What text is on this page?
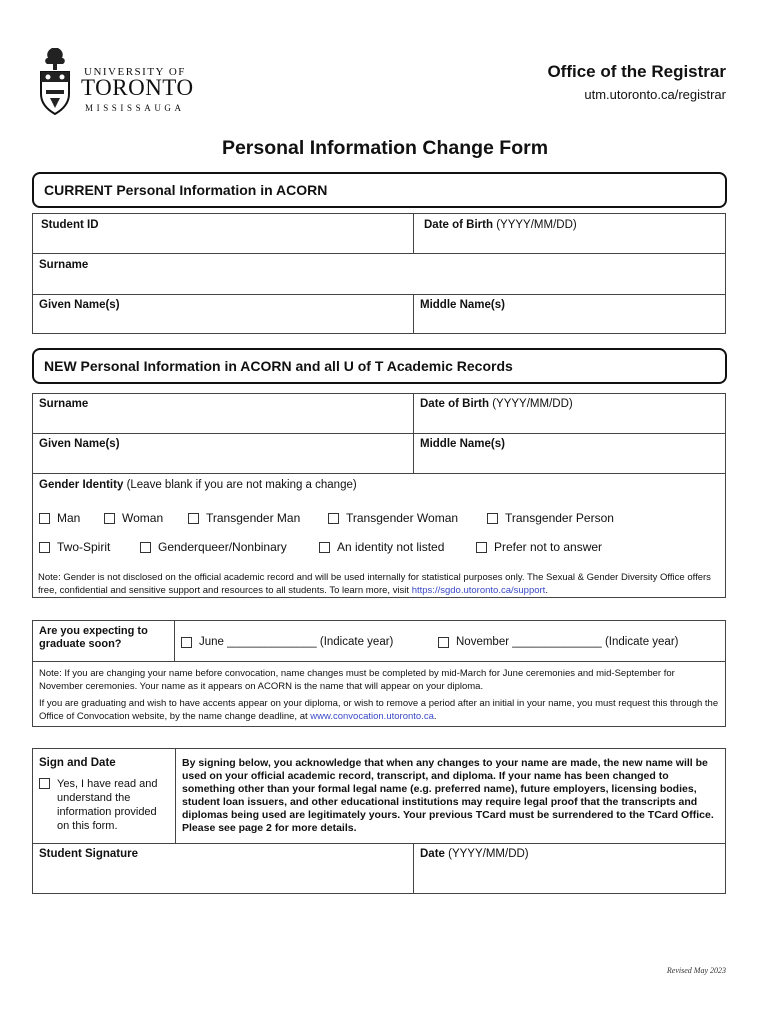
UNIVERSITY OF
TORONTO
MISSISSAUGA
Office of the Registrar
utm.utoronto.ca/registrar
Personal Information Change Form
CURRENT Personal Information in ACORN
Student ID	Date of Birth (YYYY/MM/DD)
Surname
Given Name(s)	Middle Name(s)
NEW Personal Information in ACORN and all U of T Academic Records
Surname	Date of Birth (YYYY/MM/DD)
Given Name(s)	Middle Name(s)
Gender Identity (Leave blank if you are not making a change)
Man	Woman	Transgender Man	Transgender Woman	Transgender Person
Two-Spirit	Genderqueer/Nonbinary	An identity not listed	Prefer not to answer
Note: Gender is not disclosed on the official academic record and will be used internally for statistical purposes only. The Sexual & Gender Diversity Office offers free, confidential and sensitive support and resources to all students. To learn more, visit https://sgdo.utoronto.ca/support.
Are you expecting to graduate soon?	June ______________ (Indicate year)	November ______________ (Indicate year)
Note: If you are changing your name before convocation, name changes must be completed by mid-March for June ceremonies and mid-September for November ceremonies. Your name as it appears on ACORN is the name that will appear on your diploma.
If you are graduating and wish to have accents appear on your diploma, or wish to remove a period after an initial in your name, you must request this through the Office of Convocation website, by the name change deadline, at www.convocation.utoronto.ca.
Sign and Date
Yes, I have read and understand the information provided on this form.
By signing below, you acknowledge that when any changes to your name are made, the new name will be used on your official academic record, transcript, and diploma. If your name has been changed to something other than your formal legal name (e.g. preferred name), future employers, licensing bodies, student loan issuers, and other educational institutions may require legal proof that the transcripts and diplomas being used are legitimately yours. Your previous TCard must be surrendered to the TCard Office. Please see page 2 for more details.
Student Signature	Date (YYYY/MM/DD)
Revised May 2023
